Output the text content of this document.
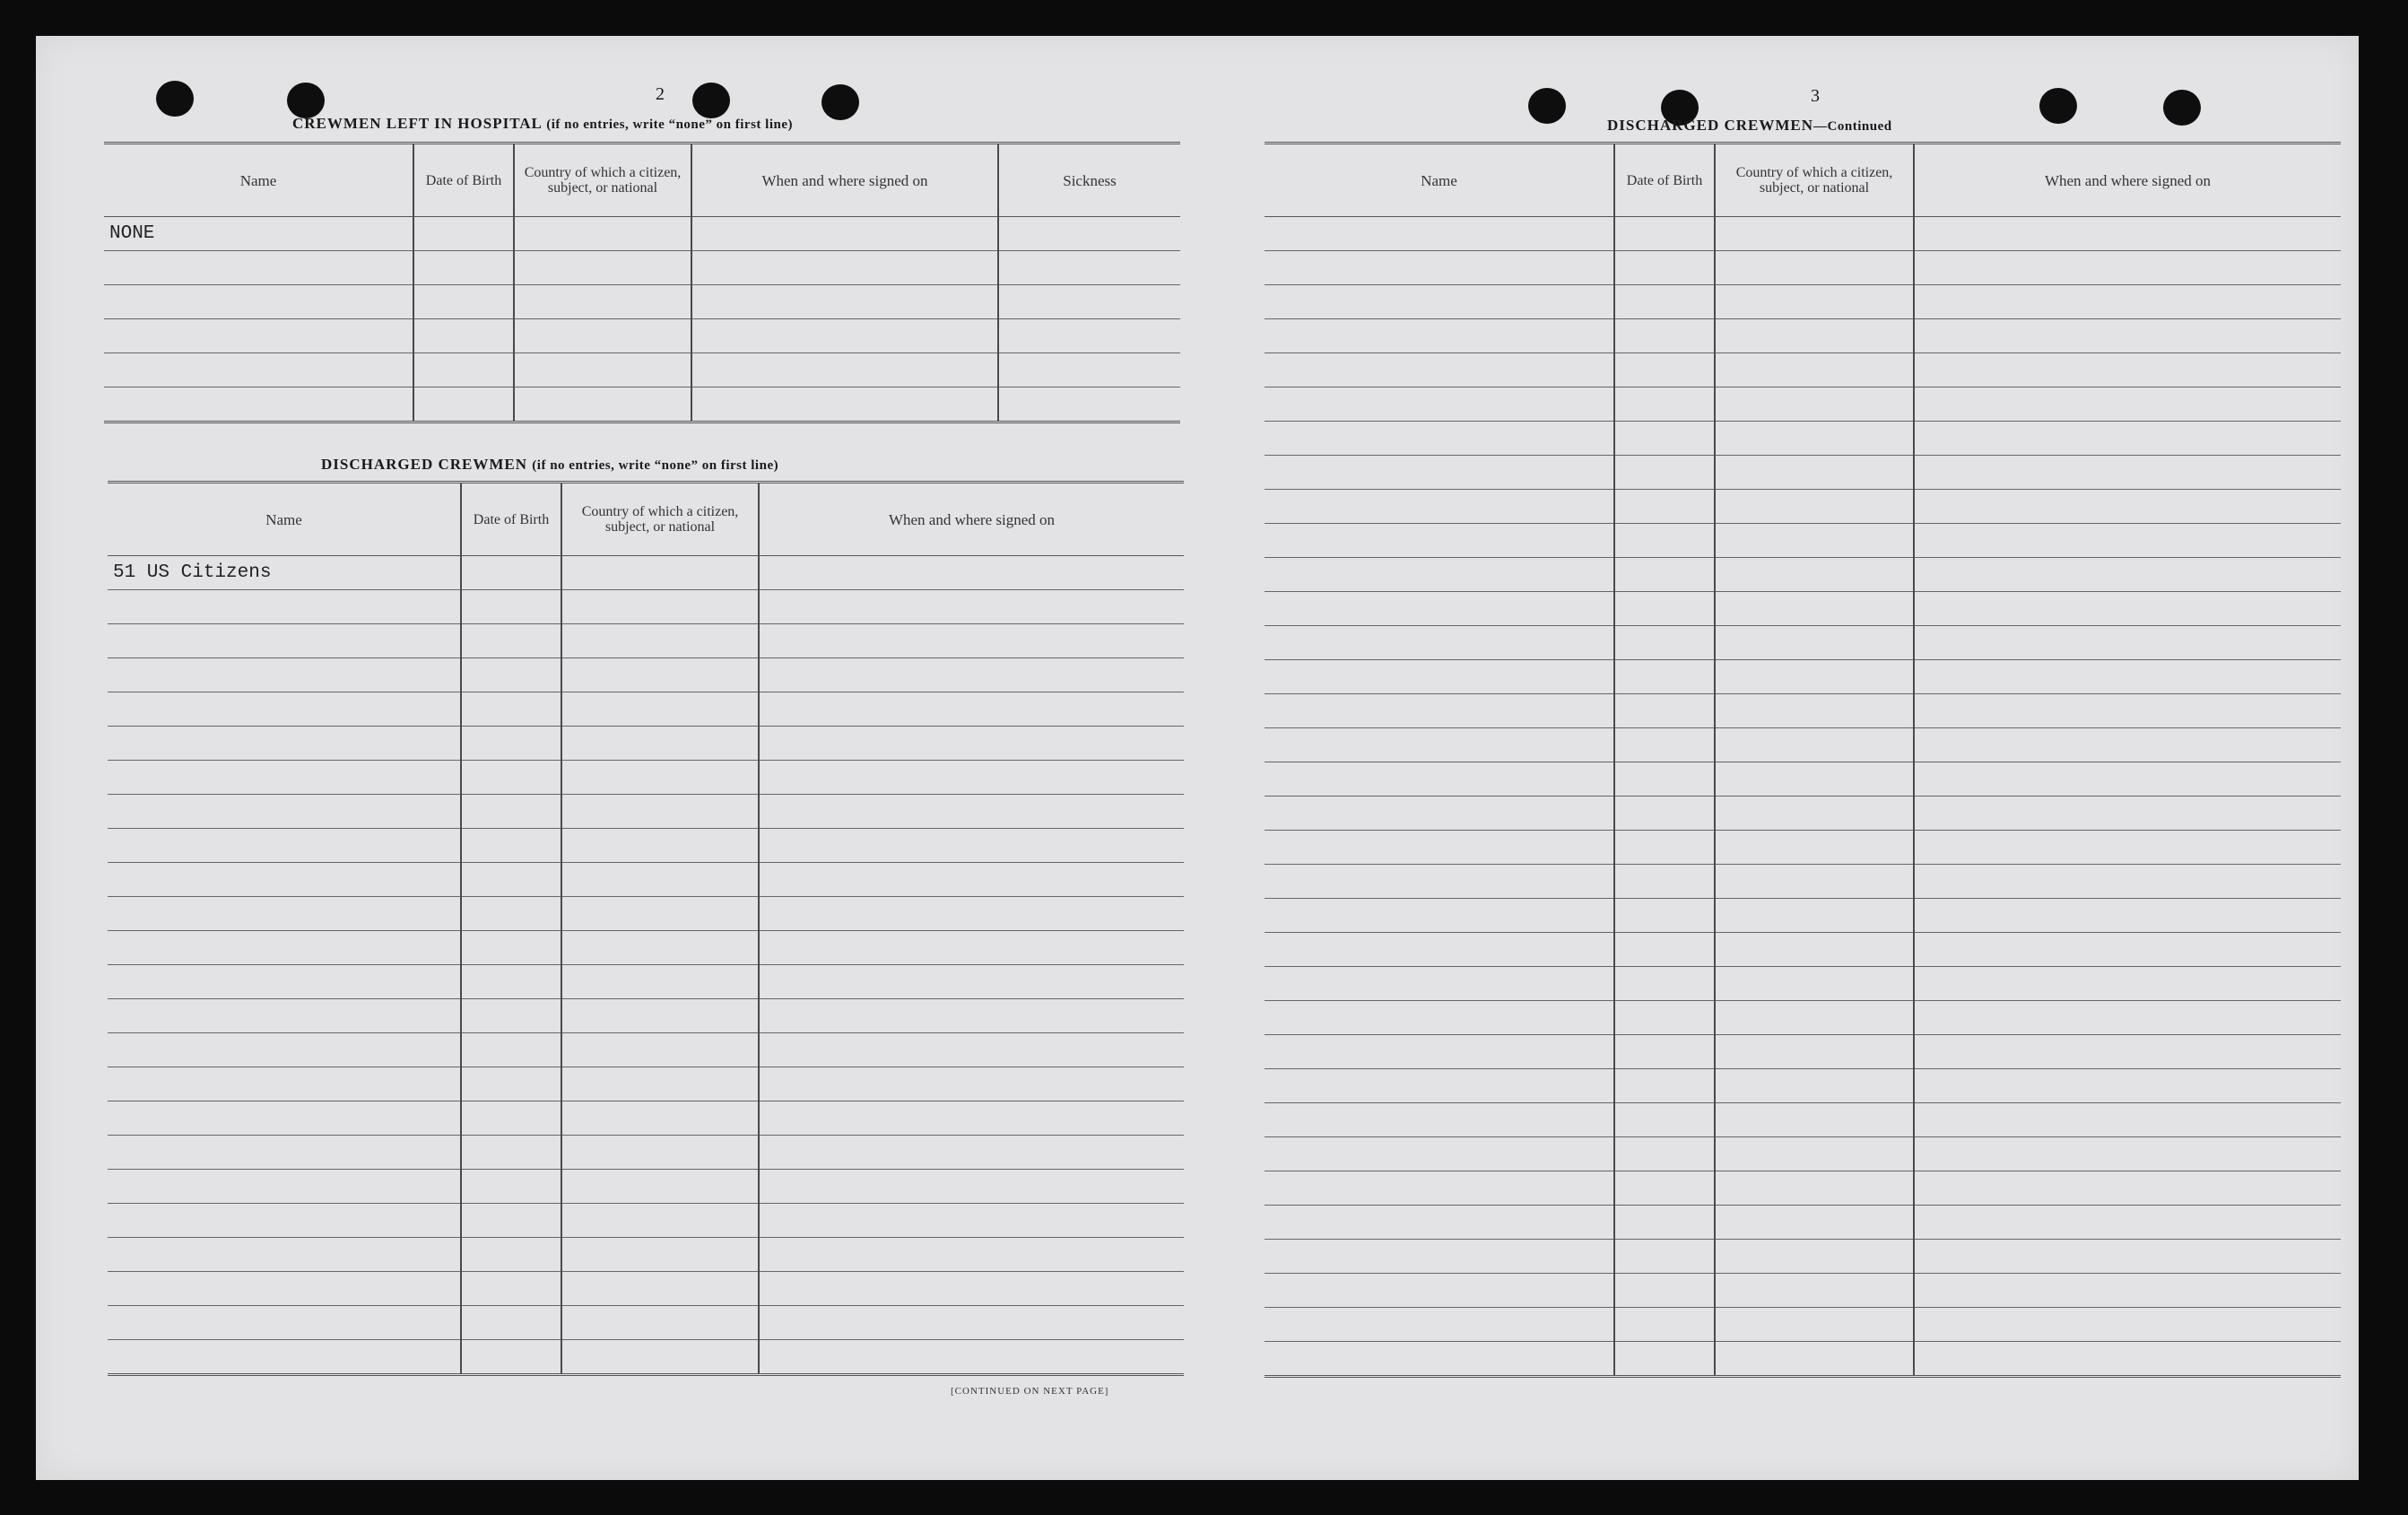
2
CREWMEN LEFT IN HOSPITAL (if no entries, write “none” on first line)
Name	Date of Birth	Country of which a citizen, subject, or national	When and where signed on	Sickness
NONE				

DISCHARGED CREWMEN (if no entries, write “none” on first line)
Name	Date of Birth	Country of which a citizen, subject, or national	When and where signed on
51 US Citizens			

[CONTINUED ON NEXT PAGE]
3
DISCHARGED CREWMEN—Continued
Name	Date of Birth	Country of which a citizen, subject, or national	When and where signed on
